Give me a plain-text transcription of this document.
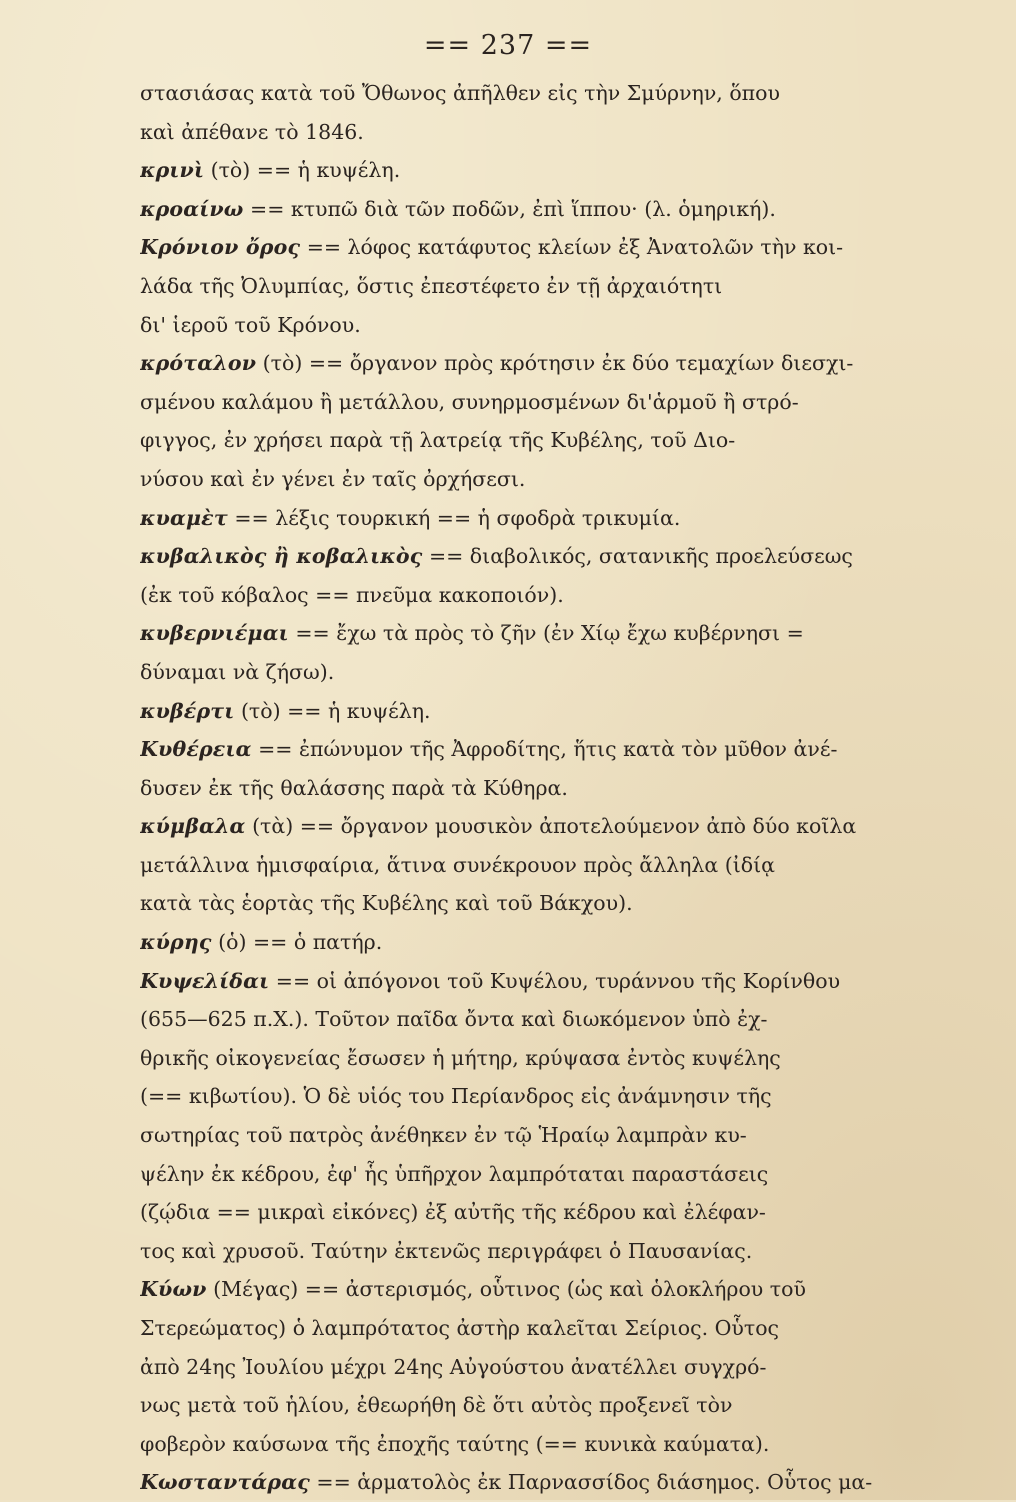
== 237 ==
στασιάσας κατὰ τοῦ Ὄθωνος ἀπῆλθεν εἰς τὴν Σμύρνην, ὅπου
καὶ ἀπέθανε τὸ 1846.
κρινὶ (τὸ) == ἡ κυψέλη.
κροαίνω == κτυπῶ διὰ τῶν ποδῶν, ἐπὶ ἵππου· (λ. ὁμηρική).
Κρόνιον ὄρος == λόφος κατάφυτος κλείων ἐξ Ἀνατολῶν τὴν κοι-
λάδα τῆς Ὀλυμπίας, ὅστις ἐπεστέφετο ἐν τῇ ἀρχαιότητι
δι' ἱεροῦ τοῦ Κρόνου.
κρόταλον (τὸ) == ὄργανον πρὸς κρότησιν ἐκ δύο τεμαχίων διεσχι-
σμένου καλάμου ἢ μετάλλου, συνηρμοσμένων δι'ἁρμοῦ ἢ στρό-
φιγγος, ἐν χρήσει παρὰ τῇ λατρείᾳ τῆς Κυβέλης, τοῦ Διο-
νύσου καὶ ἐν γένει ἐν ταῖς ὀρχήσεσι.
κυαμὲτ == λέξις τουρκική == ἡ σφοδρὰ τρικυμία.
κυβαλικὸς ἢ κοβαλικὸς == διαβολικός, σατανικῆς προελεύσεως
(ἐκ τοῦ κόβαλος == πνεῦμα κακοποιόν).
κυβερνιέμαι == ἔχω τὰ πρὸς τὸ ζῆν (ἐν Χίῳ ἔχω κυβέρνησι =
δύναμαι νὰ ζήσω).
κυβέρτι (τὸ) == ἡ κυψέλη.
Κυθέρεια == ἐπώνυμον τῆς Ἀφροδίτης, ἥτις κατὰ τὸν μῦθον ἀνέ-
δυσεν ἐκ τῆς θαλάσσης παρὰ τὰ Κύθηρα.
κύμβαλα (τὰ) == ὄργανον μουσικὸν ἀποτελούμενον ἀπὸ δύο κοῖλα
μετάλλινα ἡμισφαίρια, ἅτινα συνέκρουον πρὸς ἄλληλα (ἰδίᾳ
κατὰ τὰς ἑορτὰς τῆς Κυβέλης καὶ τοῦ Βάκχου).
κύρης (ὁ) == ὁ πατήρ.
Κυψελίδαι == οἱ ἀπόγονοι τοῦ Κυψέλου, τυράννου τῆς Κορίνθου
(655—625 π.Χ.). Τοῦτον παῖδα ὄντα καὶ διωκόμενον ὑπὸ ἐχ-
θρικῆς οἰκογενείας ἔσωσεν ἡ μήτηρ, κρύψασα ἐντὸς κυψέλης
(== κιβωτίου). Ὁ δὲ υἱός του Περίανδρος εἰς ἀνάμνησιν τῆς
σωτηρίας τοῦ πατρὸς ἀνέθηκεν ἐν τῷ Ἡραίῳ λαμπρὰν κυ-
ψέλην ἐκ κέδρου, ἐφ' ἧς ὑπῆρχον λαμπρόταται παραστάσεις
(ζῴδια == μικραὶ εἰκόνες) ἐξ αὐτῆς τῆς κέδρου καὶ ἐλέφαν-
τος καὶ χρυσοῦ. Ταύτην ἐκτενῶς περιγράφει ὁ Παυσανίας.
Κύων (Μέγας) == ἀστερισμός, οὗτινος (ὡς καὶ ὁλοκλήρου τοῦ
Στερεώματος) ὁ λαμπρότατος ἀστὴρ καλεῖται Σείριος. Οὗτος
ἀπὸ 24ης Ἰουλίου μέχρι 24ης Αὐγούστου ἀνατέλλει συγχρό-
νως μετὰ τοῦ ἡλίου, ἐθεωρήθη δὲ ὅτι αὐτὸς προξενεῖ τὸν
φοβερὸν καύσωνα τῆς ἐποχῆς ταύτης (== κυνικὰ καύματα).
Κωσταντάρας == ἁρματολὸς ἐκ Παρνασσίδος διάσημος. Οὗτος μα-
